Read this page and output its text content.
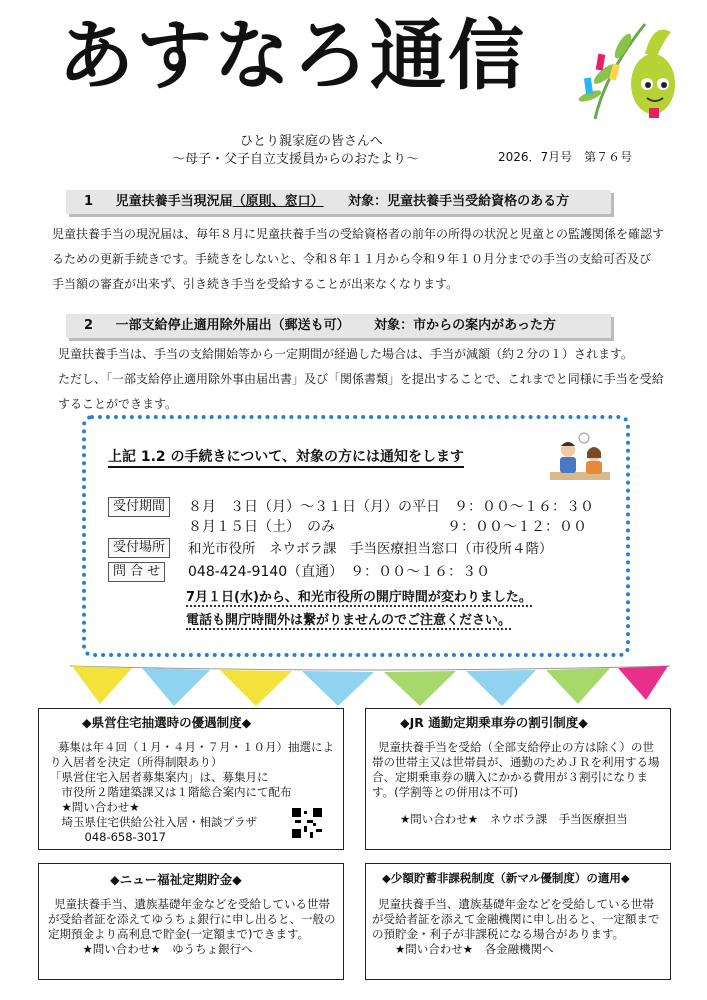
あすなろ通信
ひとり親家庭の皆さんへ
～母子・父子自立支援員からのおたより～	2026．7月号　第７６号
1 児童扶養手当現況届（原則、窓口） 対象：児童扶養手当受給資格のある方
児童扶養手当の現況届は、毎年８月に児童扶養手当の受給資格者の前年の所得の状況と児童との監護関係を確認す
るための更新手続きです。手続きをしないと、令和８年１１月から令和９年１０月分までの手当の支給可否及び
手当額の審査が出来ず、引き続き手当を受給することが出来なくなります。
2 一部支給停止適用除外届出（郵送も可） 対象：市からの案内があった方
児童扶養手当は、手当の支給開始等から一定期間が経過した場合は、手当が減額（約２分の１）されます。
ただし、「一部支給停止適用除外事由届出書」及び「関係書類」を提出することで、これまでと同様に手当を受給
することができます。
上記 1.2 の手続きについて、対象の方には通知をします
受付期間	８月　３日（月）～３１日（月）の平日　９：００～１６：３０
８月１５日（土）　のみ　　　　　　　　９：００～１２：００
受付場所	和光市役所　ネウボラ課　手当医療担当窓口（市役所４階）
問 合 せ	048-424-9140（直通）　９：００～１６：３０
7月１日(水)から、和光市役所の開庁時間が変わりました。
電話も開庁時間外は繋がりませんのでご注意ください。
◆県営住宅抽選時の優遇制度◆
募集は年４回（１月・４月・７月・１０月）抽選によ
り入居者を決定（所得制限あり）
「県営住宅入居者募集案内」は、募集月に
　市役所２階建築課又は１階総合案内にて配布
　★問い合わせ★
　埼玉県住宅供給公社入居・相談プラザ
　　　048-658-3017
◆JR 通勤定期乗車券の割引制度◆
児童扶養手当を受給（全部支給停止の方は除く）の世
帯の世帯主又は世帯員が、通勤のためＪＲを利用する場
合、定期乗車券の購入にかかる費用が３割引になりま
す。(学割等との併用は不可)
★問い合わせ★　ネウボラ課　手当医療担当
◆ニュー福祉定期貯金◆
児童扶養手当、遺族基礎年金などを受給している世帯
が受給者証を添えてゆうちょ銀行に申し出ると、一般の
定期預金より高利息で貯金(一定額まで)できます。
　　　★問い合わせ★　ゆうちょ銀行へ
◆少額貯蓄非課税制度（新マル優制度）の適用◆
児童扶養手当、遺族基礎年金などを受給している世帯
が受給者証を添えて金融機関に申し出ると、一定額まで
の預貯金・利子が非課税になる場合があります。
　　★問い合わせ★　各金融機関へ
